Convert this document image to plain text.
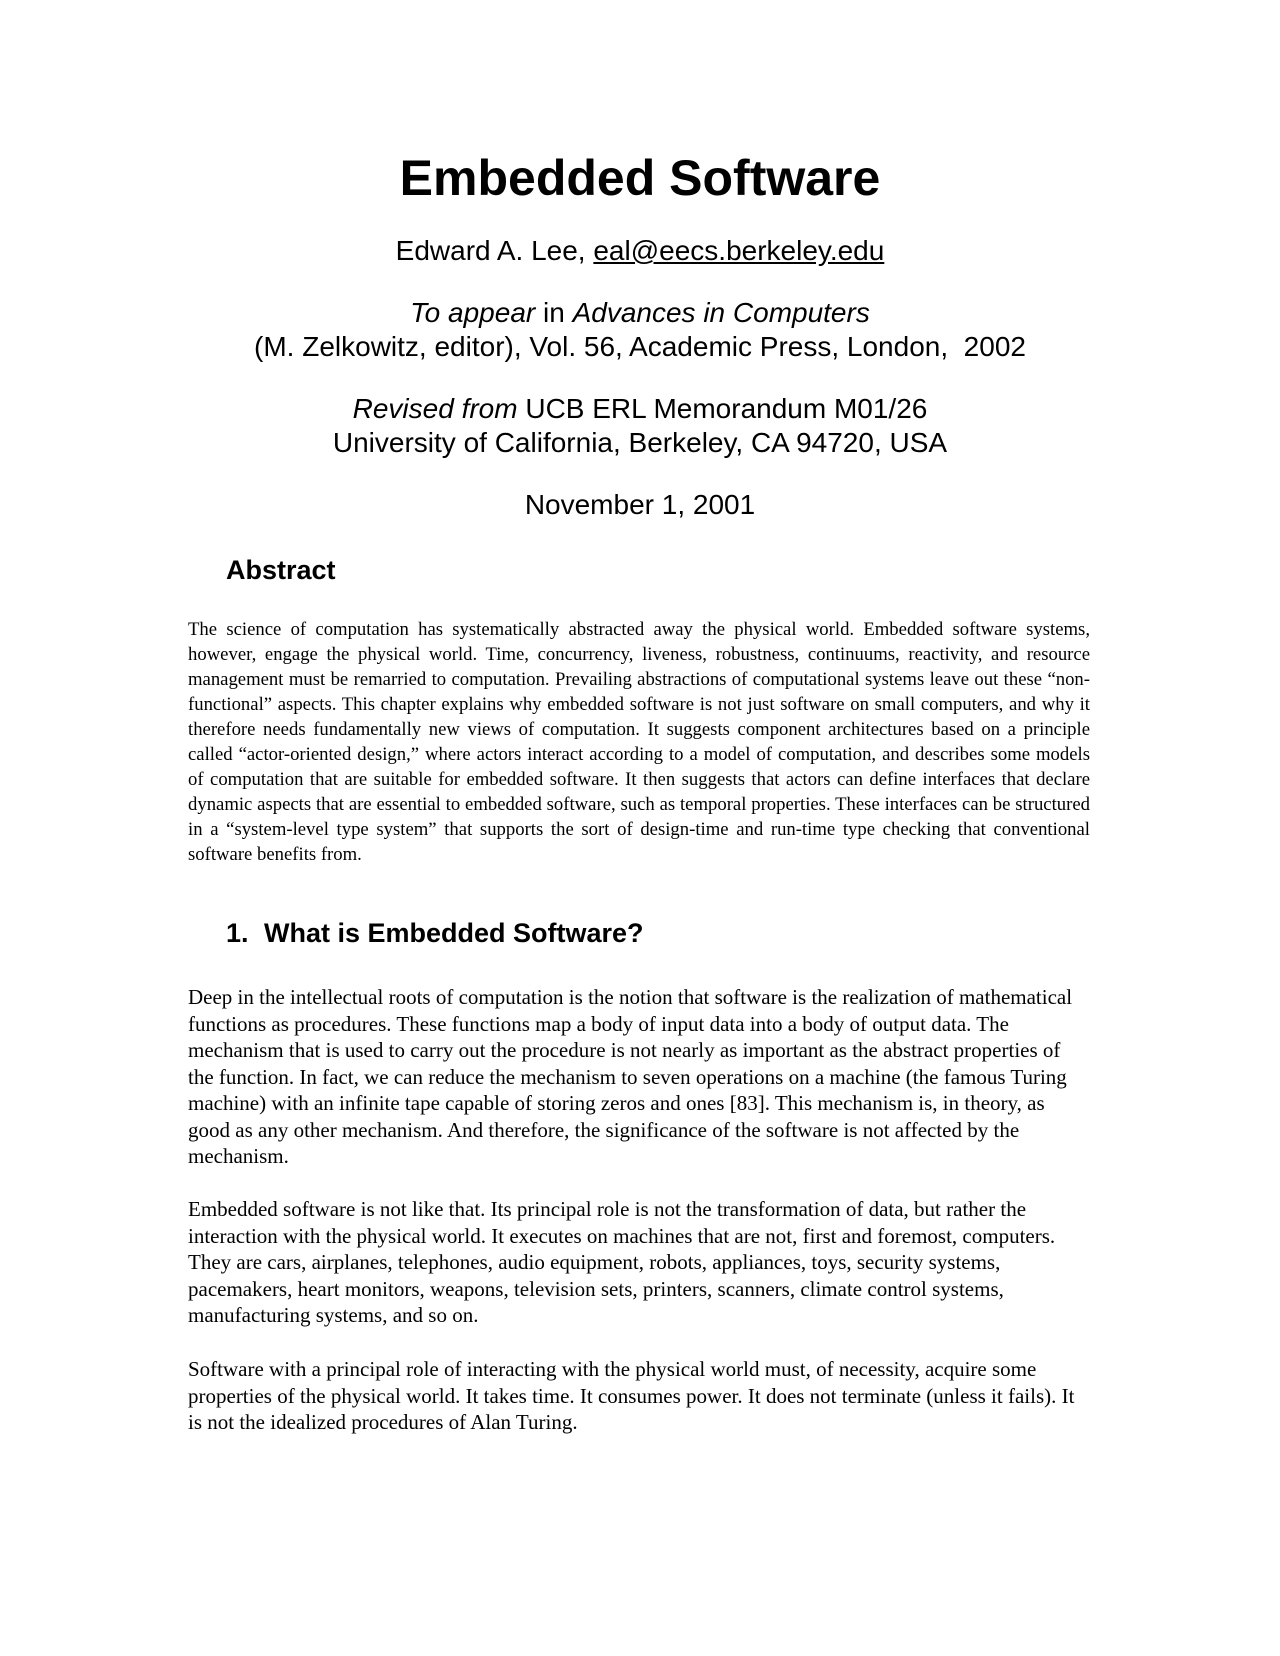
Embedded Software
Edward A. Lee, eal@eecs.berkeley.edu
To appear in Advances in Computers
(M. Zelkowitz, editor), Vol. 56, Academic Press, London,  2002
Revised from UCB ERL Memorandum M01/26
University of California, Berkeley, CA 94720, USA
November 1, 2001
Abstract

The science of computation has systematically abstracted away the physical world. Embedded software systems, however, engage the physical world. Time, concurrency, liveness, robustness, continuums, reactivity, and resource management must be remarried to computation. Prevailing abstractions of computational systems leave out these “non-functional” aspects. This chapter explains why embedded software is not just software on small computers, and why it therefore needs fundamentally new views of computation. It suggests component architectures based on a principle called “actor-oriented design,” where actors interact according to a model of computation, and describes some models of computation that are suitable for embedded software. It then suggests that actors can define interfaces that declare dynamic aspects that are essential to embedded software, such as temporal properties. These interfaces can be structured in a “system-level type system” that supports the sort of design-time and run-time type checking that conventional software benefits from.

1. What is Embedded Software?

Deep in the intellectual roots of computation is the notion that software is the realization of mathematical functions as procedures. These functions map a body of input data into a body of output data. The mechanism that is used to carry out the procedure is not nearly as important as the abstract properties of the function. In fact, we can reduce the mechanism to seven operations on a machine (the famous Turing machine) with an infinite tape capable of storing zeros and ones [83]. This mechanism is, in theory, as good as any other mechanism. And therefore, the significance of the software is not affected by the mechanism.

Embedded software is not like that. Its principal role is not the transformation of data, but rather the interaction with the physical world. It executes on machines that are not, first and foremost, computers. They are cars, airplanes, telephones, audio equipment, robots, appliances, toys, security systems, pacemakers, heart monitors, weapons, television sets, printers, scanners, climate control systems, manufacturing systems, and so on.

Software with a principal role of interacting with the physical world must, of necessity, acquire some properties of the physical world. It takes time. It consumes power. It does not terminate (unless it fails). It is not the idealized procedures of Alan Turing.
